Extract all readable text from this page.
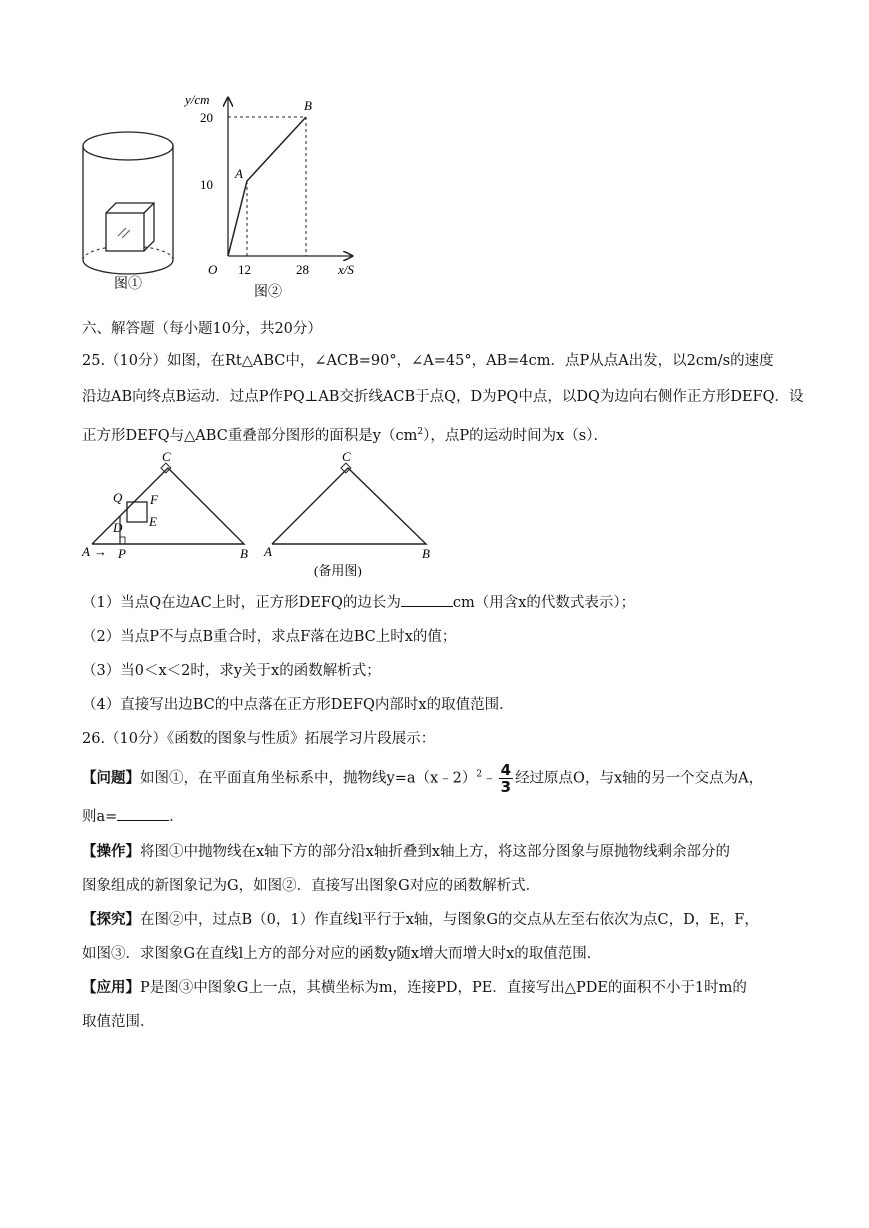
图①
y/cm
x/S
O
20
10
12	28
A
B
图②
六、解答题（每小题10分，共20分）
25.（10分）如图，在Rt△ABC中，∠ACB=90°，∠A=45°，AB=4cm．点P从点A出发，以2cm/s的速度
沿边AB向终点B运动．过点P作PQ⊥AB交折线ACB于点Q，D为PQ中点，以DQ为边向右侧作正方形DEFQ．设
正方形DEFQ与△ABC重叠部分图形的面积是$y(cm^2)$，点P的运动时间为x（s）．
C
Q F
D E
A → P	B
C
A	B
(备用图)
（1）当点Q在边AC上时，正方形DEFQ的边长为	cm（用含x的代数式表示）；
（2）当点P不与点B重合时，求点F落在边BC上时x的值；
（3）当0＜x＜2时，求y关于x的函数解析式；
（4）直接写出边BC的中点落在正方形DEFQ内部时x的取值范围．
26.（10分）《函数的图象与性质》拓展学习片段展示：
【问题】如图①，在平面直角坐标系中，抛物线y=a（x﹣2）$^2$﹣ $\frac{4}{3}$ 经过原点O，与x轴的另一个交点为A，
则a=	．
【操作】将图①中抛物线在x轴下方的部分沿x轴折叠到x轴上方，将这部分图象与原抛物线剩余部分的
图象组成的新图象记为G，如图②．直接写出图象G对应的函数解析式．
【探究】在图②中，过点B（0，1）作直线l平行于x轴，与图象G的交点从左至右依次为点C，D，E，F，
如图③．求图象G在直线l上方的部分对应的函数y随x增大而增大时x的取值范围．
【应用】P是图③中图象G上一点，其横坐标为m，连接PD，PE．直接写出△PDE的面积不小于1时m的
取值范围．
